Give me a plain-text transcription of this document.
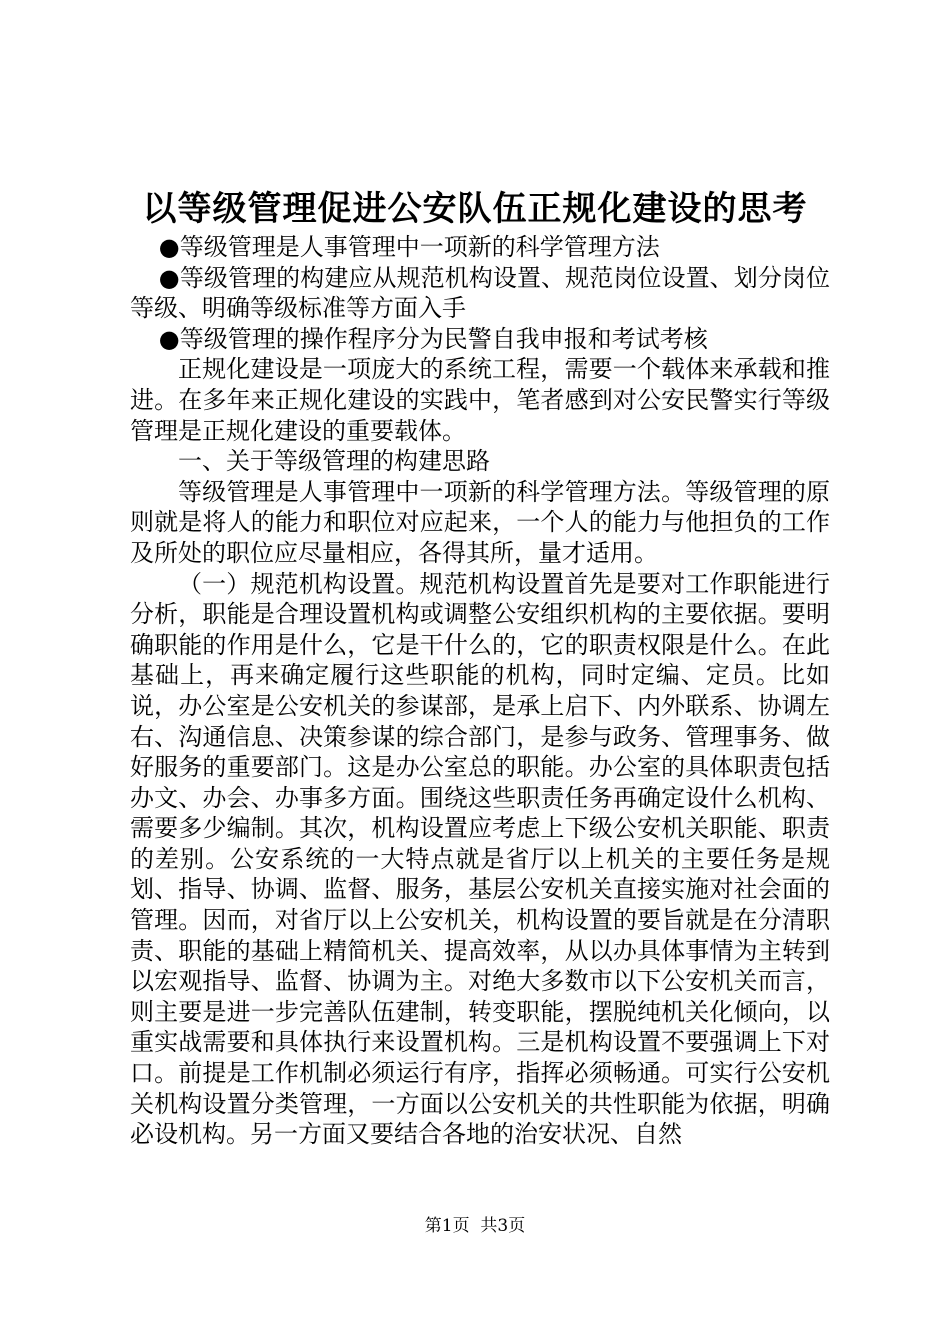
以等级管理促进公安队伍正规化建设的思考

●等级管理是人事管理中一项新的科学管理方法

●等级管理的构建应从规范机构设置、规范岗位设置、划分岗位等级、明确等级标准等方面入手

●等级管理的操作程序分为民警自我申报和考试考核

正规化建设是一项庞大的系统工程，需要一个载体来承载和推进。在多年来正规化建设的实践中，笔者感到对公安民警实行等级管理是正规化建设的重要载体。

一、关于等级管理的构建思路

等级管理是人事管理中一项新的科学管理方法。等级管理的原则就是将人的能力和职位对应起来，一个人的能力与他担负的工作及所处的职位应尽量相应，各得其所，量才适用。

（一）规范机构设置。规范机构设置首先是要对工作职能进行分析，职能是合理设置机构或调整公安组织机构的主要依据。要明确职能的作用是什么，它是干什么的，它的职责权限是什么。在此基础上，再来确定履行这些职能的机构，同时定编、定员。比如说，办公室是公安机关的参谋部，是承上启下、内外联系、协调左右、沟通信息、决策参谋的综合部门，是参与政务、管理事务、做好服务的重要部门。这是办公室总的职能。办公室的具体职责包括办文、办会、办事多方面。围绕这些职责任务再确定设什么机构、需要多少编制。其次，机构设置应考虑上下级公安机关职能、职责的差别。公安系统的一大特点就是省厅以上机关的主要任务是规划、指导、协调、监督、服务，基层公安机关直接实施对社会面的管理。因而，对省厅以上公安机关，机构设置的要旨就是在分清职责、职能的基础上精简机关、提高效率，从以办具体事情为主转到以宏观指导、监督、协调为主。对绝大多数市以下公安机关而言，则主要是进一步完善队伍建制，转变职能，摆脱纯机关化倾向，以重实战需要和具体执行来设置机构。三是机构设置不要强调上下对口。前提是工作机制必须运行有序，指挥必须畅通。可实行公安机关机构设置分类管理，一方面以公安机关的共性职能为依据，明确必设机构。另一方面又要结合各地的治安状况、自然

第1页 共3页
